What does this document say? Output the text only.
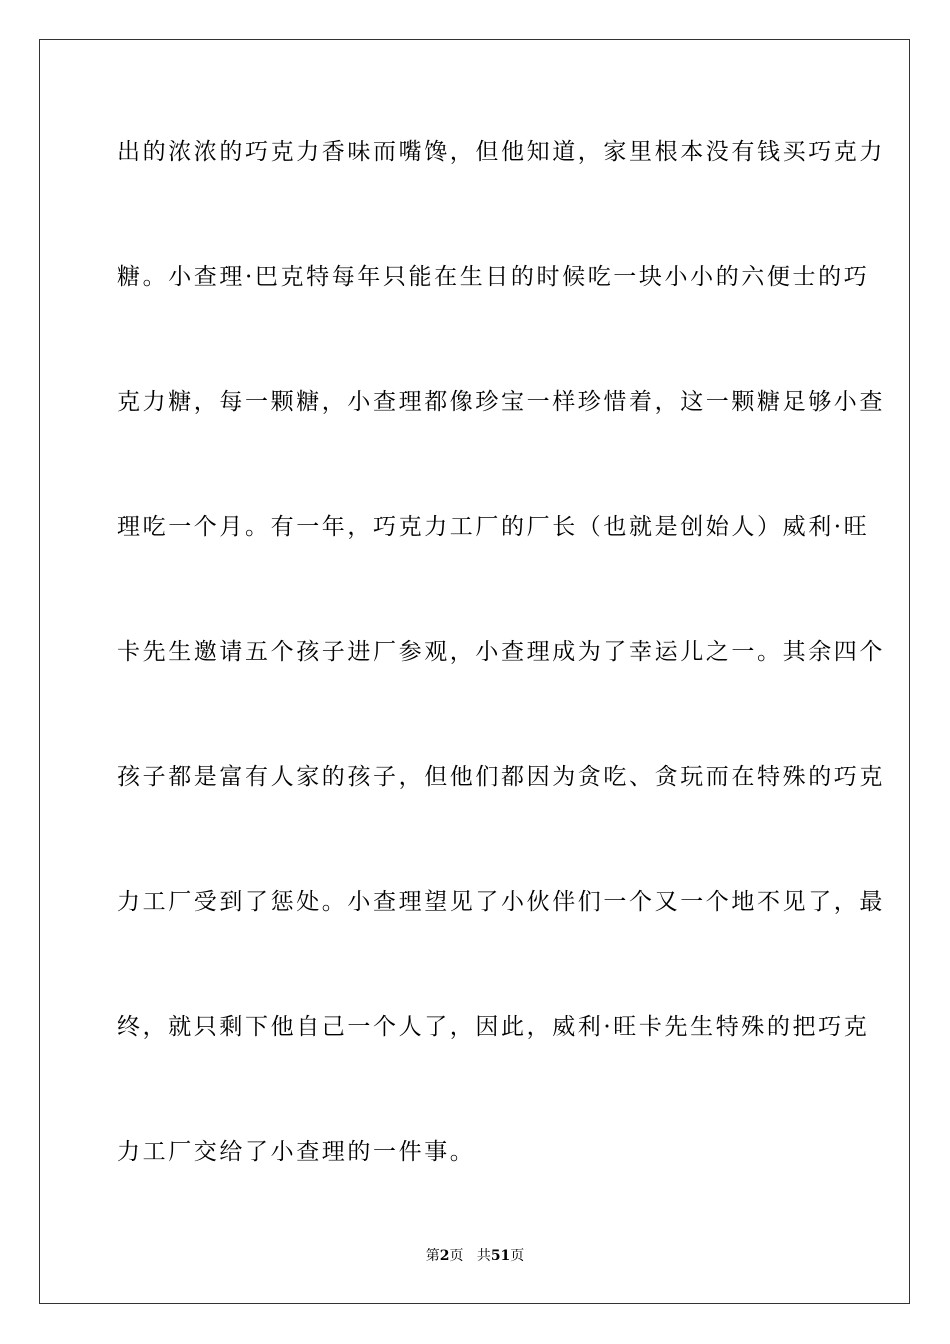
出的浓浓的巧克力香味而嘴馋，但他知道，家里根本没有钱买巧克力
糖。小查理·巴克特每年只能在生日的时候吃一块小小的六便士的巧
克力糖，每一颗糖，小查理都像珍宝一样珍惜着，这一颗糖足够小查
理吃一个月。有一年，巧克力工厂的厂长（也就是创始人）威利·旺
卡先生邀请五个孩子进厂参观，小查理成为了幸运儿之一。其余四个
孩子都是富有人家的孩子，但他们都因为贪吃、贪玩而在特殊的巧克
力工厂受到了惩处。小查理望见了小伙伴们一个又一个地不见了，最
终，就只剩下他自己一个人了，因此，威利·旺卡先生特殊的把巧克
力工厂交给了小查理的一件事。
第2页 共51页
